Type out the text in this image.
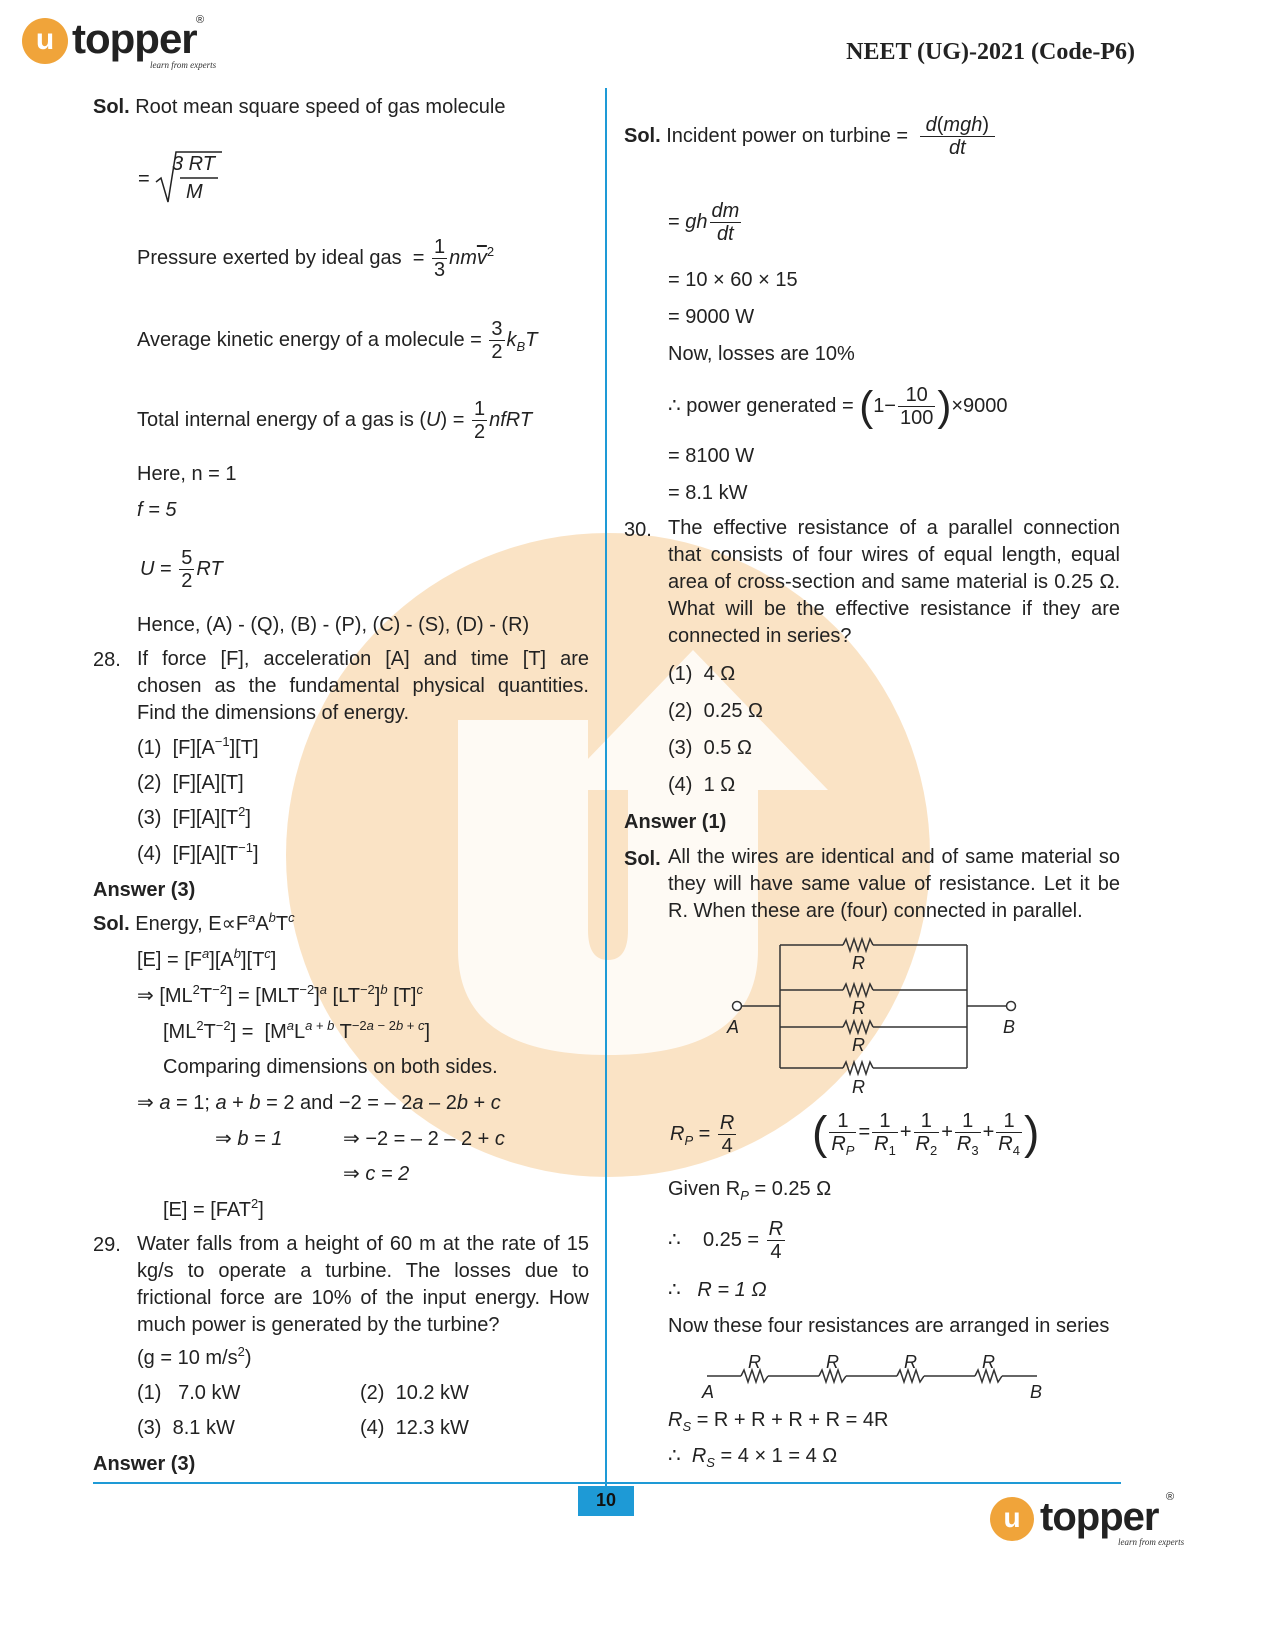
u topper ®
learn from experts	NEET (UG)-2021 (Code-P6)
10
u topper ®
learn from experts
Sol. Root mean square speed of gas molecule
=
3 RT
M
Pressure exerted by ideal gas  = $\frac{1}{3} nm\overline{v}^2$
Average kinetic energy of a molecule = $\frac{3}{2} k_BT$
Total internal energy of a gas is $(U) = \frac{1}{2}$ nfRT
Here, n = 1
f = 5
$U = \frac{5}{2}$ RT
Hence, (A) - (Q), (B) - (P), (C) - (S), (D) - (R)
28. If force [F], acceleration [A] and time [T] are chosen as the fundamental physical quantities. Find the dimensions of energy.
(1)  $[F][A^{-1}][T]$
(2)  [F][A][T]
(3)  $[F][A][T^2]$
(4)  $[F][A][T^{-1}]$
Answer (3)
Sol. Energy, $E\propto F^aA^bT^c$
$[E] = [F^a][A^b][T^c]$
⇒ $[ML^2T^{-2}] = [MLT^{-2}]^a$ $[LT^{-2}]^b$ $[T]^c$
$[ML^2T^{-2}] = [M^aL^{a + b}$ $T^{-2a - 2b + c}$]
Comparing dimensions on both sides.
⇒ a = 1; a + b = 2 and −2 = – 2a – 2b + c
⇒ b = 1	⇒ −2 = – 2 – 2 + c
⇒ c = 2
$[E] = [FAT^2]$
29. Water falls from a height of 60 m at the rate of 15 kg/s to operate a turbine. The losses due to frictional force are 10% of the input energy. How much power is generated by the turbine?
(g = 10 $m/s^2$)
(1) 7.0 kW	(2) 10.2 kW
(3) 8.1 kW	(4) 12.3 kW
Answer (3)
Sol. Incident power on turbine = d(mgh)
dt
= gh $\frac{dm}{dt}$
= 10 × 60 × 15
= 9000 W
Now, losses are 10%
∴ power generated = $(1- \frac{10}{100} )\times 9000$
= 8100 W
= 8.1 kW
30. The effective resistance of a parallel connection that consists of four wires of equal length, equal area of cross-section and same material is 0.25 Ω. What will be the effective resistance if they are connected in series?
(1) 4 Ω
(2) 0.25 Ω
(3) 0.5 Ω
(4) 1 Ω
Answer (1)
Sol. All the wires are identical and of same material so they will have same value of resistance. Let it be R. When these are (four) connected in parallel.
A	B
R
R
R
R
$R_P = \frac{R}{4}$ ( $\frac{1}{R_P} = \frac{1}{R_1} + \frac{1}{R_2} + \frac{1}{R_3} + \frac{1}{R_4}$ )
Given $R_P = 0.25$ Ω
∴    $0.25 = \frac{R}{4}$
∴   R = 1 Ω
Now these four resistances are arranged in series
R	R	R	R
A	B
$R_S = R + R + R + R = 4R$
∴  $R_S = 4 \times 1 = 4$ Ω
